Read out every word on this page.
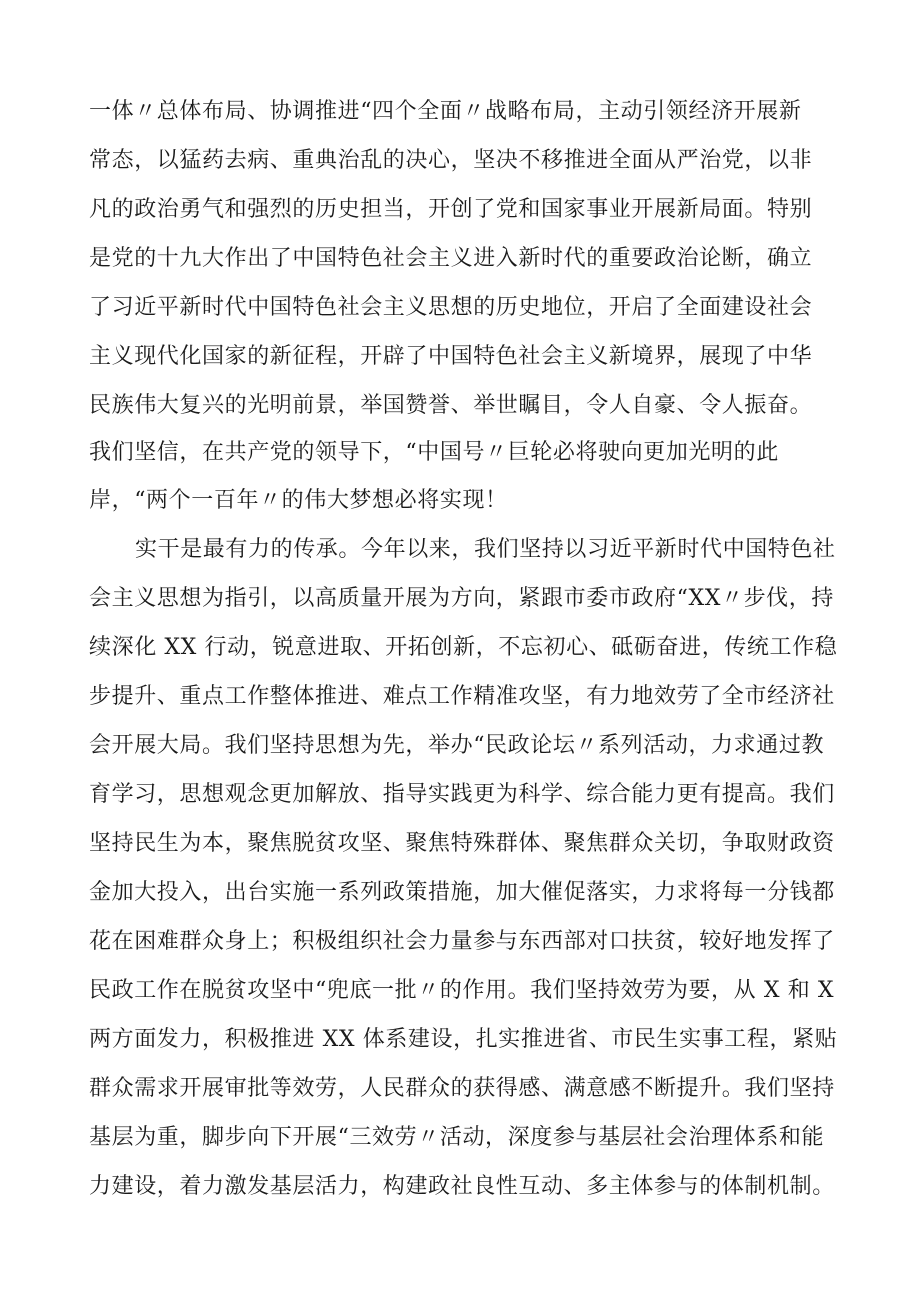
一体〃总体布局、协调推进“四个全面〃战略布局，主动引领经济开展新

常态，以猛药去病、重典治乱的决心，坚决不移推进全面从严治党，以非

凡的政治勇气和强烈的历史担当，开创了党和国家事业开展新局面。特别

是党的十九大作出了中国特色社会主义进入新时代的重要政治论断，确立

了习近平新时代中国特色社会主义思想的历史地位，开启了全面建设社会

主义现代化国家的新征程，开辟了中国特色社会主义新境界，展现了中华

民族伟大复兴的光明前景，举国赞誉、举世瞩目，令人自豪、令人振奋。

我们坚信，在共产党的领导下，“中国号〃巨轮必将驶向更加光明的此

岸，“两个一百年〃的伟大梦想必将实现！

实干是最有力的传承。今年以来，我们坚持以习近平新时代中国特色社

会主义思想为指引，以高质量开展为方向，紧跟市委市政府“XX〃步伐，持

续深化 XX 行动，锐意进取、开拓创新，不忘初心、砥砺奋进，传统工作稳

步提升、重点工作整体推进、难点工作精准攻坚，有力地效劳了全市经济社

会开展大局。我们坚持思想为先，举办“民政论坛〃系列活动，力求通过教

育学习，思想观念更加解放、指导实践更为科学、综合能力更有提高。我们

坚持民生为本，聚焦脱贫攻坚、聚焦特殊群体、聚焦群众关切，争取财政资

金加大投入，出台实施一系列政策措施，加大催促落实，力求将每一分钱都

花在困难群众身上；积极组织社会力量参与东西部对口扶贫，较好地发挥了

民政工作在脱贫攻坚中“兜底一批〃的作用。我们坚持效劳为要，从 X 和 X

两方面发力，积极推进 XX 体系建设，扎实推进省、市民生实事工程，紧贴

群众需求开展审批等效劳，人民群众的获得感、满意感不断提升。我们坚持

基层为重，脚步向下开展“三效劳〃活动，深度参与基层社会治理体系和能

力建设，着力激发基层活力，构建政社良性互动、多主体参与的体制机制。
